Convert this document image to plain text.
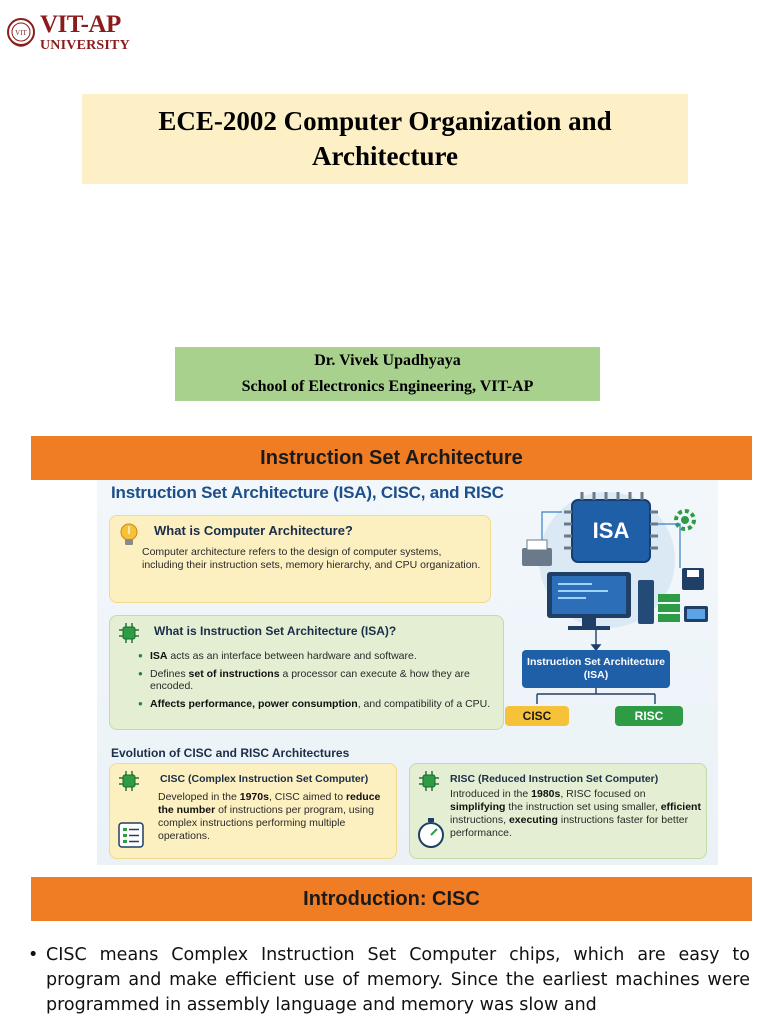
VIT VIT-AP
UNIVERSITY
ECE-2002 Computer Organization and Architecture
Dr. Vivek Upadhyaya
School of Electronics Engineering, VIT-AP
Instruction Set Architecture
Instruction Set Architecture (ISA), CISC, and RISC
What is Computer Architecture?
Computer architecture refers to the design of computer systems, including their instruction sets, memory hierarchy, and CPU organization.
What is Instruction Set Architecture (ISA)?
● ISA acts as an interface between hardware and software.
● Defines set of instructions a processor can execute & how they are encoded.
● Affects performance, power consumption, and compatibility of a CPU.
ISA
Instruction Set Architecture (ISA)
CISC	RISC
Evolution of CISC and RISC Architectures
CISC (Complex Instruction Set Computer)
Developed in the 1970s, CISC aimed to reduce the number of instructions per program, using complex instructions performing multiple operations.
RISC (Reduced Instruction Set Computer)
Introduced in the 1980s, RISC focused on simplifying the instruction set using smaller, efficient instructions, executing instructions faster for better performance.
Introduction: CISC
• CISC means Complex Instruction Set Computer chips, which are easy to program and make efficient use of memory. Since the earliest machines were programmed in assembly language and memory was slow and
